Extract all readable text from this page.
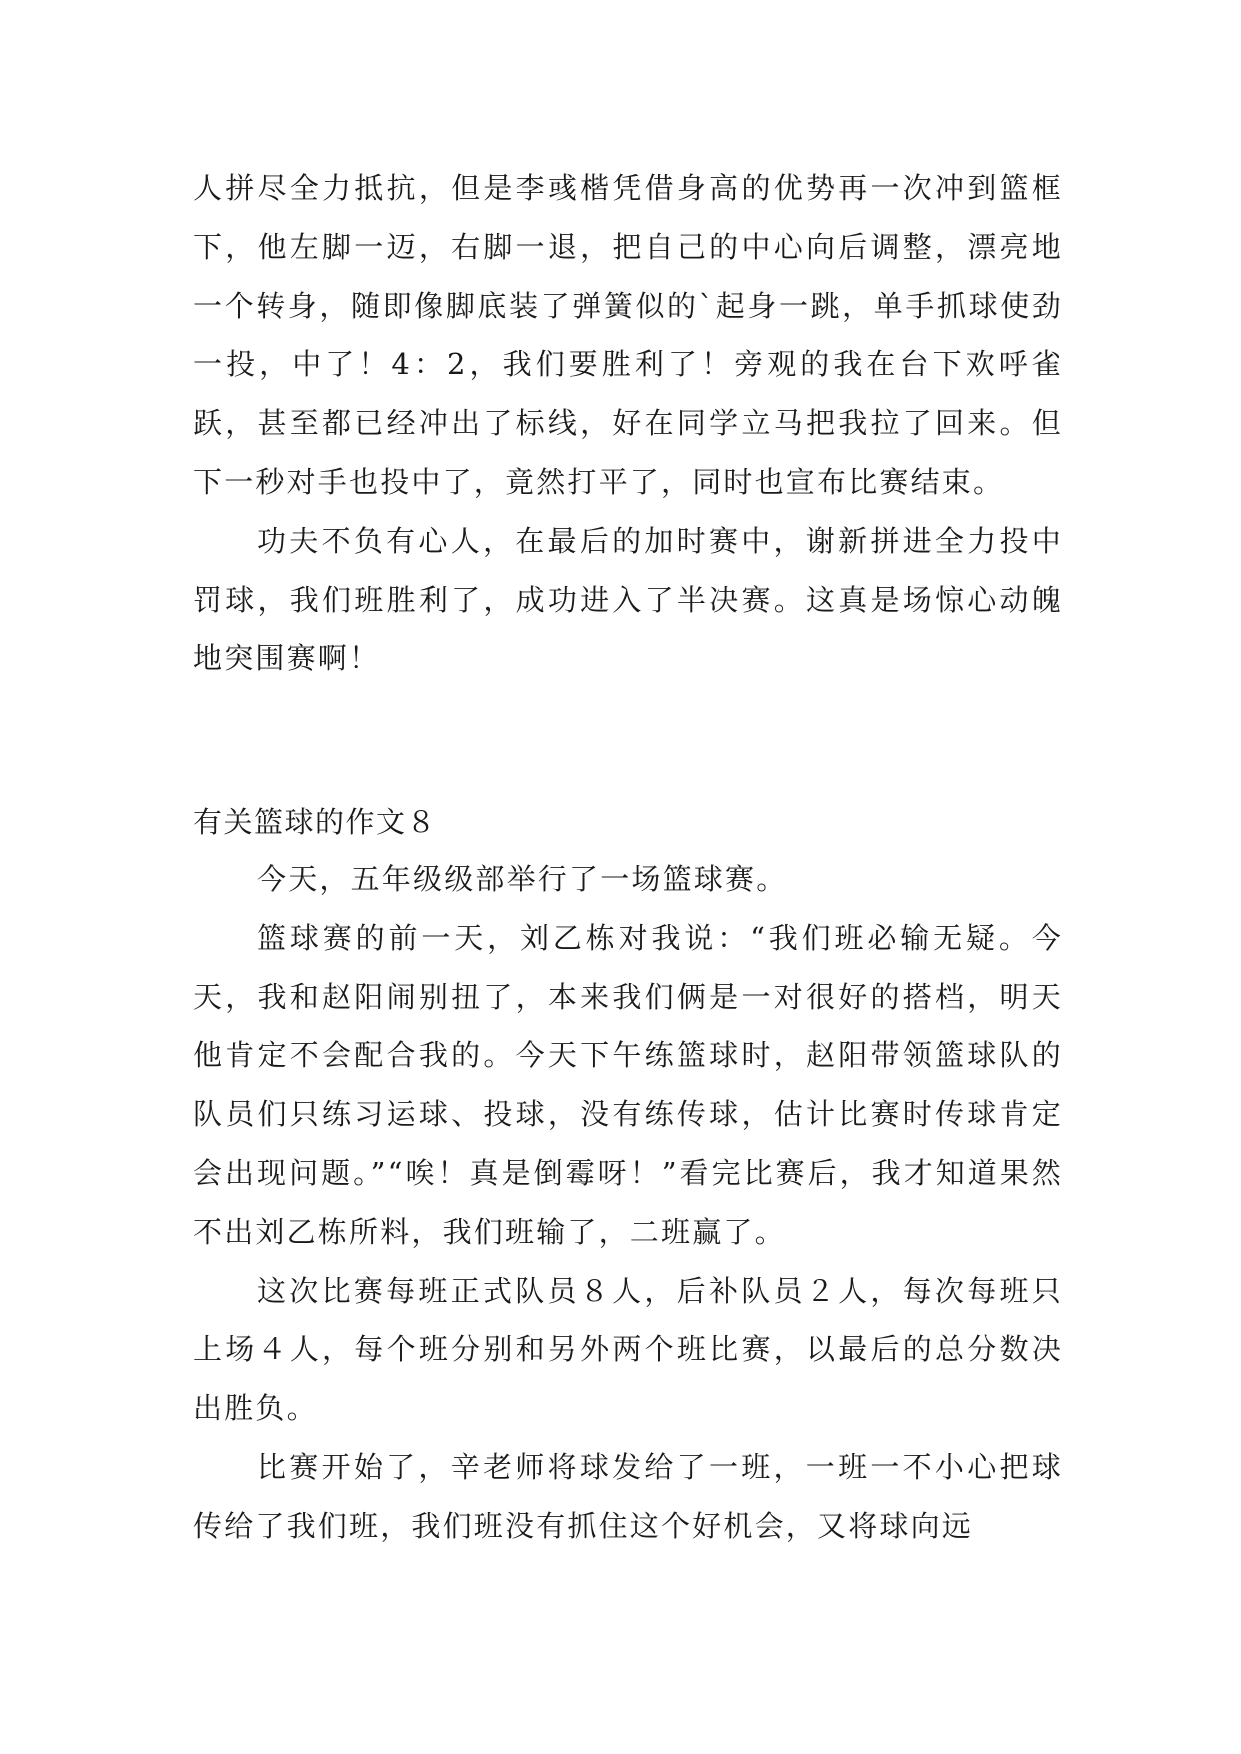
人拼尽全力抵抗，但是李彧楷凭借身高的优势再一次冲到篮框下，他左脚一迈，右脚一退，把自己的中心向后调整，漂亮地一个转身，随即像脚底装了弹簧似的`起身一跳，单手抓球使劲一投，中了！4：2，我们要胜利了！旁观的我在台下欢呼雀跃，甚至都已经冲出了标线，好在同学立马把我拉了回来。但下一秒对手也投中了，竟然打平了，同时也宣布比赛结束。

功夫不负有心人，在最后的加时赛中，谢新拼进全力投中罚球，我们班胜利了，成功进入了半决赛。这真是场惊心动魄地突围赛啊！

有关篮球的作文８

今天，五年级级部举行了一场篮球赛。

篮球赛的前一天，刘乙栋对我说：“我们班必输无疑。今天，我和赵阳闹别扭了，本来我们俩是一对很好的搭档，明天他肯定不会配合我的。今天下午练篮球时，赵阳带领篮球队的队员们只练习运球、投球，没有练传球，估计比赛时传球肯定会出现问题。”“唉！真是倒霉呀！”看完比赛后，我才知道果然不出刘乙栋所料，我们班输了，二班赢了。

这次比赛每班正式队员８人，后补队员２人，每次每班只上场４人，每个班分别和另外两个班比赛，以最后的总分数决出胜负。

比赛开始了，辛老师将球发给了一班，一班一不小心把球传给了我们班，我们班没有抓住这个好机会，又将球向远
